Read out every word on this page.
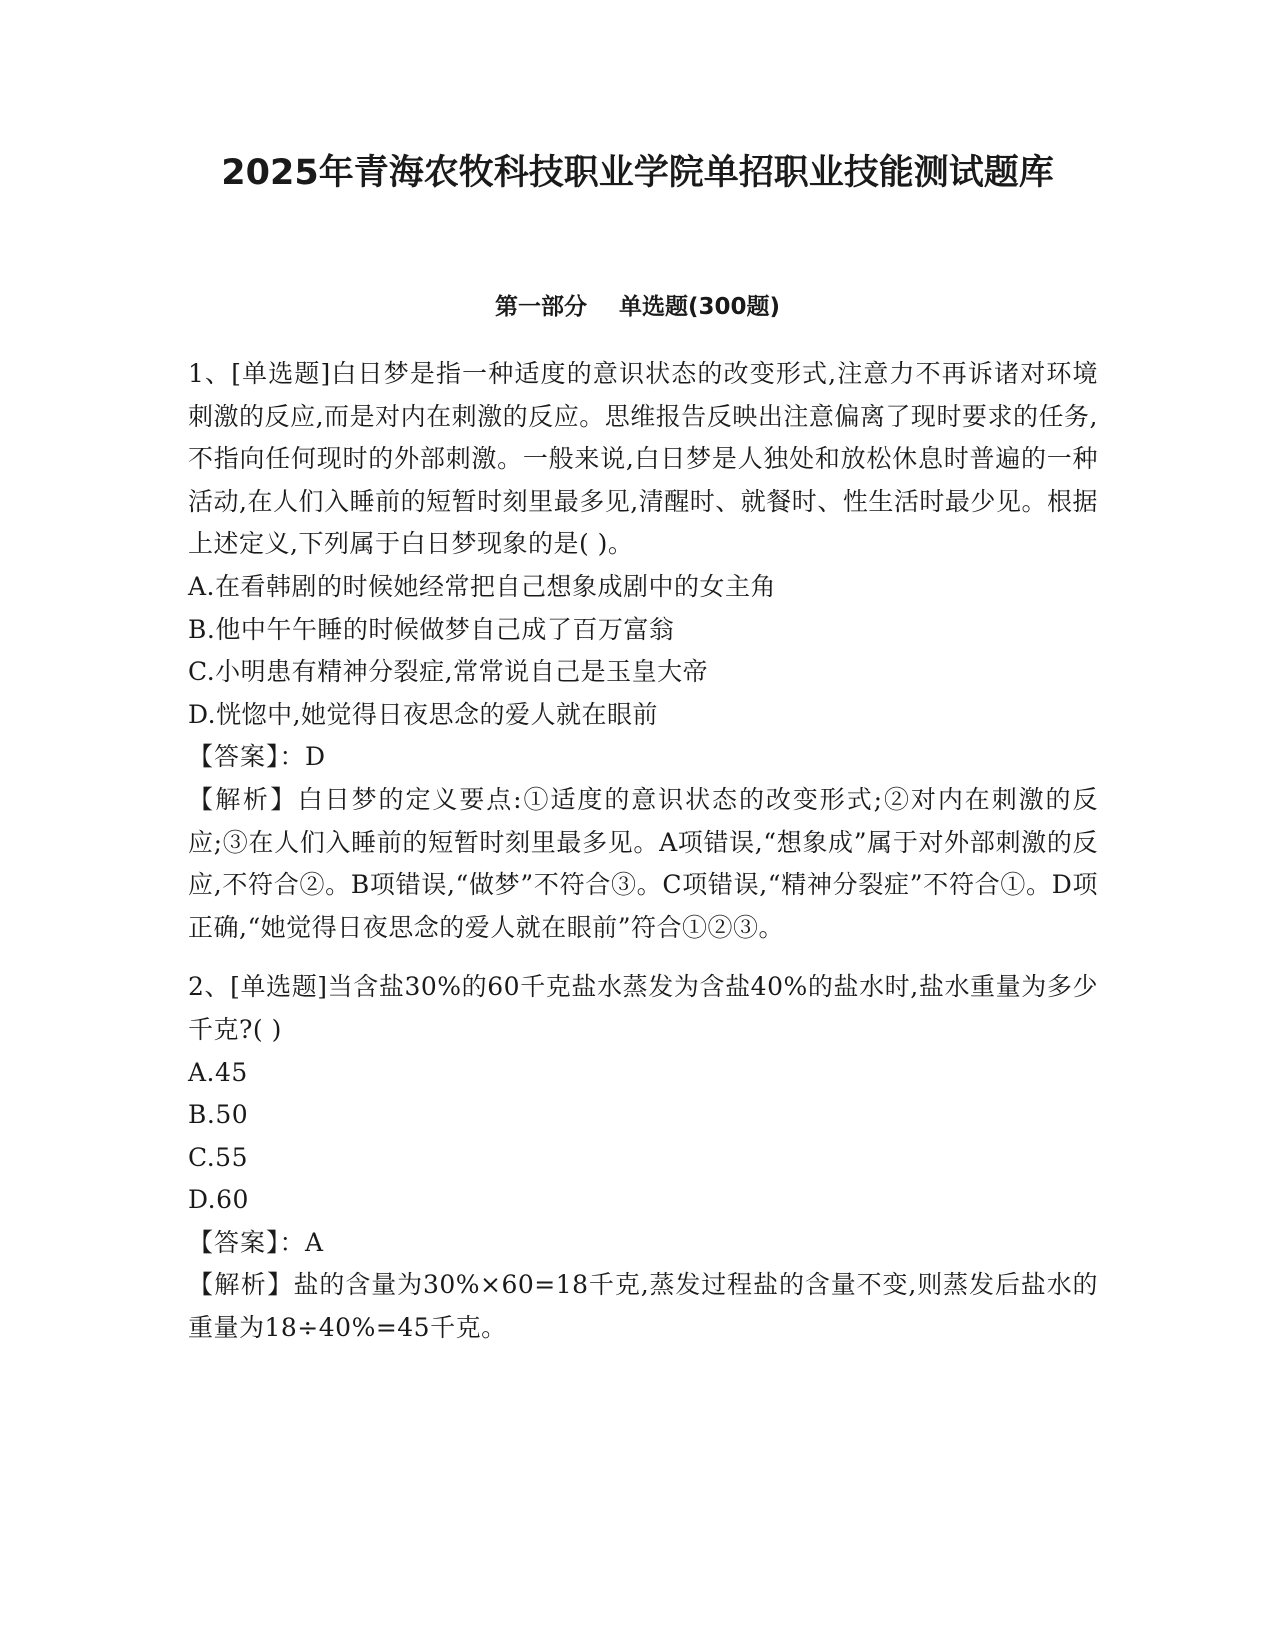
2025年青海农牧科技职业学院单招职业技能测试题库
第一部分    单选题(300题)

1、[单选题]白日梦是指一种适度的意识状态的改变形式,注意力不再诉诸对环境刺激的反应,而是对内在刺激的反应。思维报告反映出注意偏离了现时要求的任务,不指向任何现时的外部刺激。一般来说,白日梦是人独处和放松休息时普遍的一种活动,在人们入睡前的短暂时刻里最多见,清醒时、就餐时、性生活时最少见。根据上述定义,下列属于白日梦现象的是( )。

A.在看韩剧的时候她经常把自己想象成剧中的女主角

B.他中午午睡的时候做梦自己成了百万富翁

C.小明患有精神分裂症,常常说自己是玉皇大帝

D.恍惚中,她觉得日夜思念的爱人就在眼前

【答案】：D

【解析】白日梦的定义要点:①适度的意识状态的改变形式;②对内在刺激的反应;③在人们入睡前的短暂时刻里最多见。A项错误,“想象成”属于对外部刺激的反应,不符合②。B项错误,“做梦”不符合③。C项错误,“精神分裂症”不符合①。D项正确,“她觉得日夜思念的爱人就在眼前”符合①②③。

2、[单选题]当含盐30%的60千克盐水蒸发为含盐40%的盐水时,盐水重量为多少千克?( )

A.45

B.50

C.55

D.60

【答案】：A

【解析】盐的含量为30%×60=18千克,蒸发过程盐的含量不变,则蒸发后盐水的重量为18÷40%=45千克。
